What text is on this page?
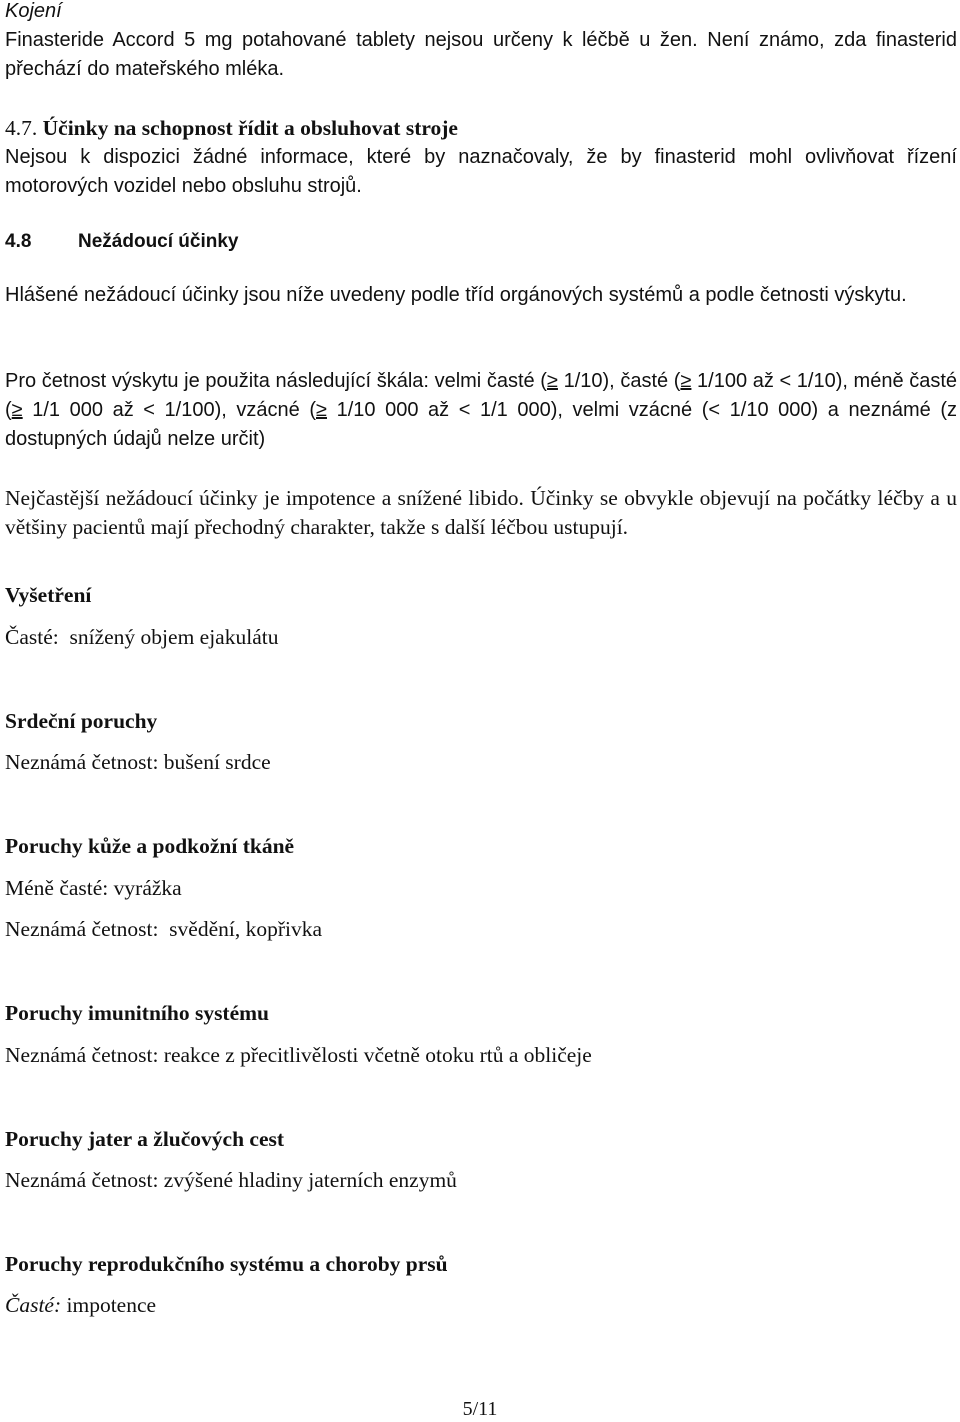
Kojení
Finasteride Accord 5 mg potahované tablety nejsou určeny k léčbě u žen. Není známo, zda finasterid přechází do mateřského mléka.
4.7. Účinky na schopnost řídit a obsluhovat stroje
Nejsou k dispozici žádné informace, které by naznačovaly, že by finasterid mohl ovlivňovat řízení motorových vozidel nebo obsluhu strojů.
4.8 Nežádoucí účinky
Hlášené nežádoucí účinky jsou níže uvedeny podle tříd orgánových systémů a podle četnosti výskytu.
Pro četnost výskytu je použita následující škála: velmi časté (≥ 1/10), časté (≥ 1/100 až < 1/10), méně časté (≥ 1/1 000 až < 1/100), vzácné (≥ 1/10 000 až < 1/1 000), velmi vzácné (< 1/10 000) a neznámé (z dostupných údajů nelze určit)
Nejčastější nežádoucí účinky je impotence a snížené libido. Účinky se obvykle objevují na počátky léčby a u většiny pacientů mají přechodný charakter, takže s další léčbou ustupují.
Vyšetření
Časté: snížený objem ejakulátu
Srdeční poruchy
Neznámá četnost: bušení srdce
Poruchy kůže a podkožní tkáně
Méně časté: vyrážka
Neznámá četnost: svědění, kopřivka
Poruchy imunitního systému
Neznámá četnost: reakce z přecitlivělosti včetně otoku rtů a obličeje
Poruchy jater a žlučových cest
Neznámá četnost: zvýšené hladiny jaterních enzymů
Poruchy reprodukčního systému a choroby prsů
Časté: impotence
5/11
